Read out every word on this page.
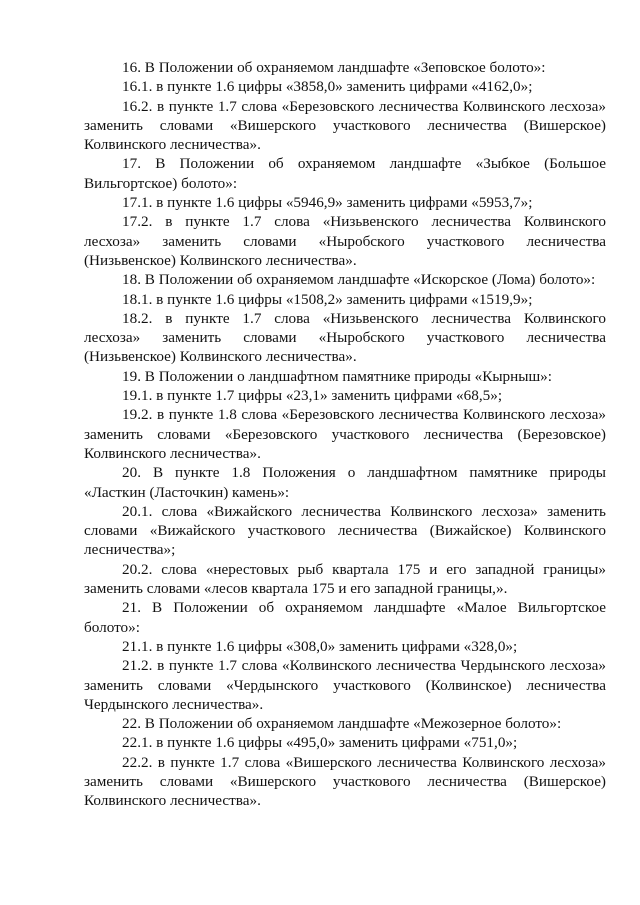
16. В Положении об охраняемом ландшафте «Зеповское болото»:

16.1. в пункте 1.6 цифры «3858,0» заменить цифрами «4162,0»;

16.2. в пункте 1.7 слова «Березовского лесничества Колвинского лесхоза»
заменить словами «Вишерского участкового лесничества (Вишерское)
Колвинского лесничества».

17. В Положении об охраняемом ландшафте «Зыбкое (Большое
Вильгортское) болото»:

17.1. в пункте 1.6 цифры «5946,9» заменить цифрами «5953,7»;

17.2. в пункте 1.7 слова «Низьвенского лесничества Колвинского
лесхоза» заменить словами «Ныробского участкового лесничества
(Низьвенское) Колвинского лесничества».

18. В Положении об охраняемом ландшафте «Искорское (Лома) болото»:

18.1. в пункте 1.6 цифры «1508,2» заменить цифрами «1519,9»;

18.2. в пункте 1.7 слова «Низьвенского лесничества Колвинского
лесхоза» заменить словами «Ныробского участкового лесничества
(Низьвенское) Колвинского лесничества».

19. В Положении о ландшафтном памятнике природы «Кырныш»:

19.1. в пункте 1.7 цифры «23,1» заменить цифрами «68,5»;

19.2. в пункте 1.8 слова «Березовского лесничества Колвинского лесхоза»
заменить словами «Березовского участкового лесничества (Березовское)
Колвинского лесничества».

20. В пункте 1.8 Положения о ландшафтном памятнике природы
«Ласткин (Ласточкин) камень»:

20.1. слова «Вижайского лесничества Колвинского лесхоза» заменить
словами «Вижайского участкового лесничества (Вижайское) Колвинского
лесничества»;

20.2. слова «нерестовых рыб квартала 175 и его западной границы»
заменить словами «лесов квартала 175 и его западной границы,».

21. В Положении об охраняемом ландшафте «Малое Вильгортское
болото»:

21.1. в пункте 1.6 цифры «308,0» заменить цифрами «328,0»;

21.2. в пункте 1.7 слова «Колвинского лесничества Чердынского лесхоза»
заменить словами «Чердынского участкового (Колвинское) лесничества
Чердынского лесничества».

22. В Положении об охраняемом ландшафте «Межозерное болото»:

22.1. в пункте 1.6 цифры «495,0» заменить цифрами «751,0»;

22.2. в пункте 1.7 слова «Вишерского лесничества Колвинского лесхоза»
заменить словами «Вишерского участкового лесничества (Вишерское)
Колвинского лесничества».
